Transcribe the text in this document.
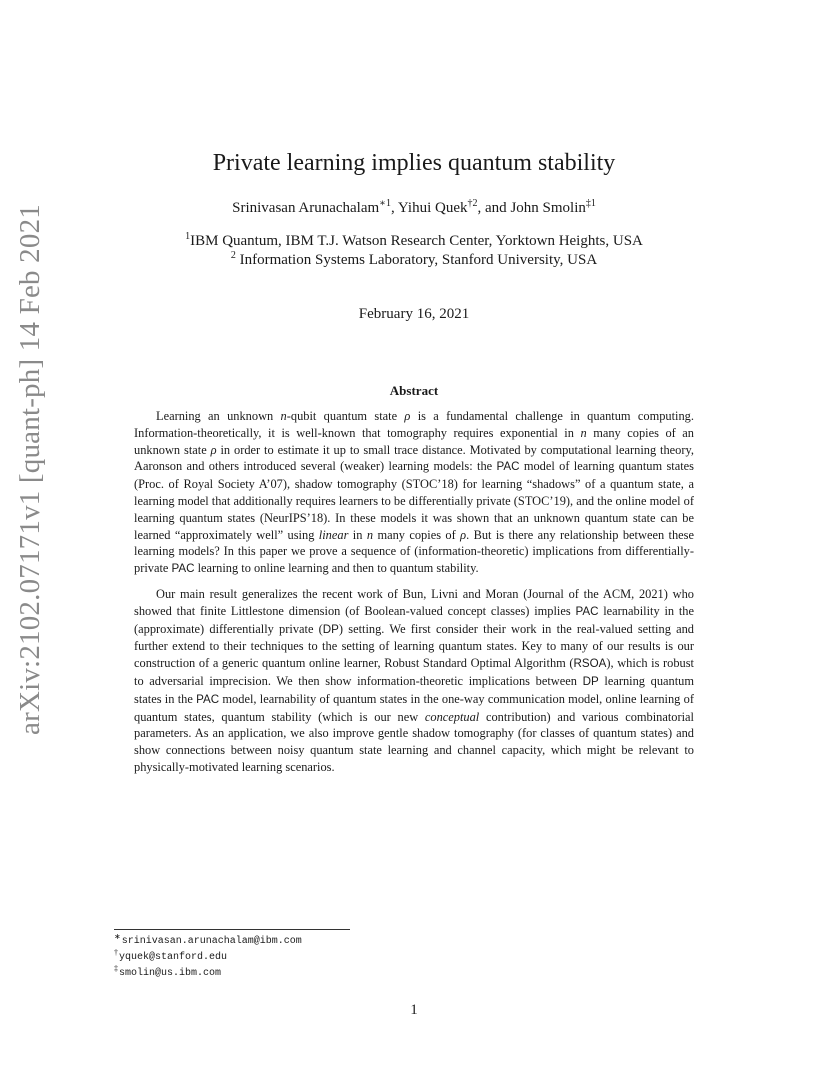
arXiv:2102.07171v1 [quant-ph] 14 Feb 2021
Private learning implies quantum stability
Srinivasan Arunachalam$^{∗1}$, Yihui Quek$^{\dagger 2}$, and John Smolin$^{\ddagger 1}$
$^1$IBM Quantum, IBM T.J. Watson Research Center, Yorktown Heights, USA
$^2$ Information Systems Laboratory, Stanford University, USA
February 16, 2021
Abstract

Learning an unknown n-qubit quantum state ρ is a fundamental challenge in quantum computing. Information-theoretically, it is well-known that tomography requires exponential in n many copies of an unknown state ρ in order to estimate it up to small trace distance. Motivated by computational learning theory, Aaronson and others introduced several (weaker) learning models: the PAC model of learning quantum states (Proc. of Royal Society A’07), shadow tomography (STOC’18) for learning “shadows” of a quantum state, a learning model that additionally requires learners to be differentially private (STOC’19), and the online model of learning quantum states (NeurIPS’18). In these models it was shown that an unknown quantum state can be learned “approximately well” using linear in n many copies of ρ. But is there any relationship between these learning models? In this paper we prove a sequence of (information-theoretic) implications from differentially-private PAC learning to online learning and then to quantum stability.

Our main result generalizes the recent work of Bun, Livni and Moran (Journal of the ACM, 2021) who showed that finite Littlestone dimension (of Boolean-valued concept classes) implies PAC learnability in the (approximate) differentially private (DP) setting. We first consider their work in the real-valued setting and further extend to their techniques to the setting of learning quantum states. Key to many of our results is our construction of a generic quantum online learner, Robust Standard Optimal Algorithm (RSOA), which is robust to adversarial imprecision. We then show information-theoretic implications between DP learning quantum states in the PAC model, learnability of quantum states in the one-way communication model, online learning of quantum states, quantum stability (which is our new conceptual contribution) and various combinatorial parameters. As an application, we also improve gentle shadow tomography (for classes of quantum states) and show connections between noisy quantum state learning and channel capacity, which might be relevant to physically-motivated learning scenarios.

∗srinivasan.arunachalam@ibm.com
†yquek@stanford.edu
‡smolin@us.ibm.com
1
